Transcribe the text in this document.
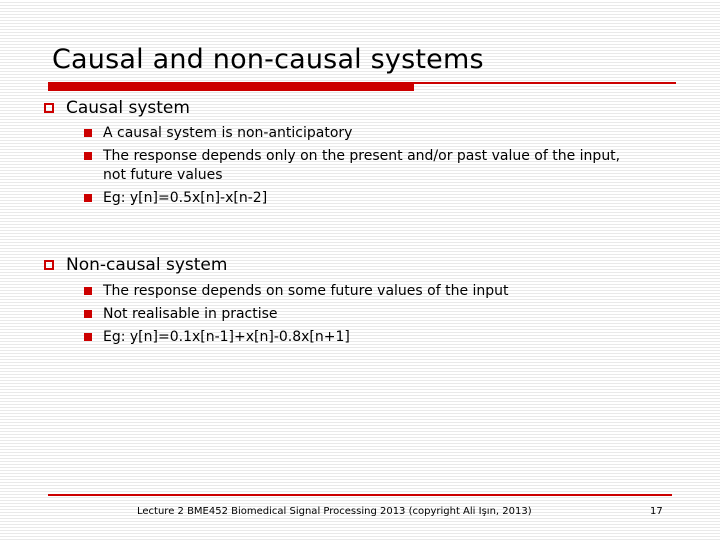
Causal and non-causal systems
Causal system
A causal system is non-anticipatory
The response depends only on the present and/or past value of the input, not future values
Eg: y[n]=0.5x[n]-x[n-2]
Non-causal system
The response depends on some future values of the input
Not realisable in practise
Eg: y[n]=0.1x[n-1]+x[n]-0.8x[n+1]
Lecture 2 BME452 Biomedical Signal Processing 2013 (copyright Ali Işın, 2013)	17
